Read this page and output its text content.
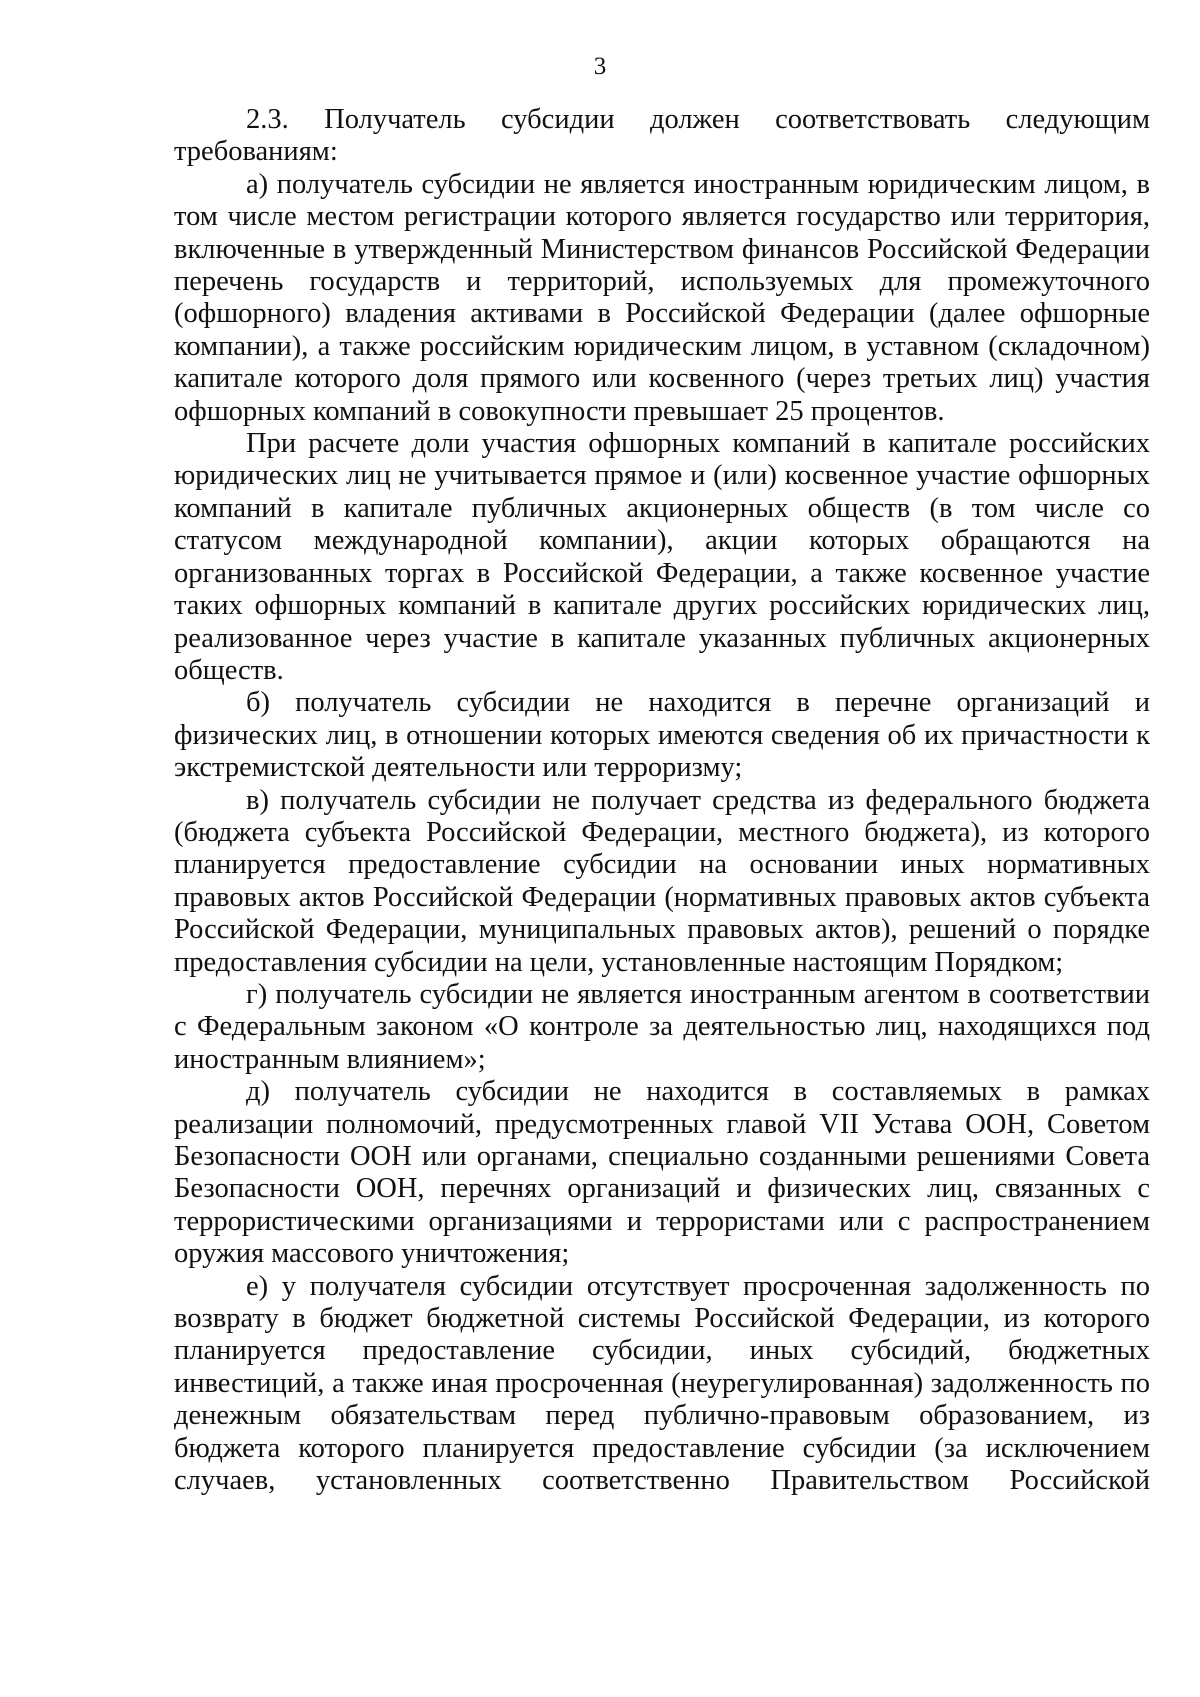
3

2.3. Получатель субсидии должен соответствовать следующим требованиям:

а) получатель субсидии не является иностранным юридическим лицом, в том числе местом регистрации которого является государство или территория, включенные в утвержденный Министерством финансов Российской Федерации перечень государств и территорий, используемых для промежуточного (офшорного) владения активами в Российской Федерации (далее офшорные компании), а также российским юридическим лицом, в уставном (складочном) капитале которого доля прямого или косвенного (через третьих лиц) участия офшорных компаний в совокупности превышает 25 процентов.

При расчете доли участия офшорных компаний в капитале российских юридических лиц не учитывается прямое и (или) косвенное участие офшорных компаний в капитале публичных акционерных обществ (в том числе со статусом международной компании), акции которых обращаются на организованных торгах в Российской Федерации, а также косвенное участие таких офшорных компаний в капитале других российских юридических лиц, реализованное через участие в капитале указанных публичных акционерных обществ.

б) получатель субсидии не находится в перечне организаций и физических лиц, в отношении которых имеются сведения об их причастности к экстремистской деятельности или терроризму;

в) получатель субсидии не получает средства из федерального бюджета (бюджета субъекта Российской Федерации, местного бюджета), из которого планируется предоставление субсидии на основании иных нормативных правовых актов Российской Федерации (нормативных правовых актов субъекта Российской Федерации, муниципальных правовых актов), решений о порядке предоставления субсидии на цели, установленные настоящим Порядком;

г) получатель субсидии не является иностранным агентом в соответствии с Федеральным законом «О контроле за деятельностью лиц, находящихся под иностранным влиянием»;

д) получатель субсидии не находится в составляемых в рамках реализации полномочий, предусмотренных главой VII Устава ООН, Советом Безопасности ООН или органами, специально созданными решениями Совета Безопасности ООН, перечнях организаций и физических лиц, связанных с террористическими организациями и террористами или с распространением оружия массового уничтожения;

е) у получателя субсидии отсутствует просроченная задолженность по возврату в бюджет бюджетной системы Российской Федерации, из которого планируется предоставление субсидии, иных субсидий, бюджетных инвестиций, а также иная просроченная (неурегулированная) задолженность по денежным обязательствам перед публично-правовым образованием, из бюджета которого планируется предоставление субсидии (за исключением случаев, установленных соответственно Правительством Российской
